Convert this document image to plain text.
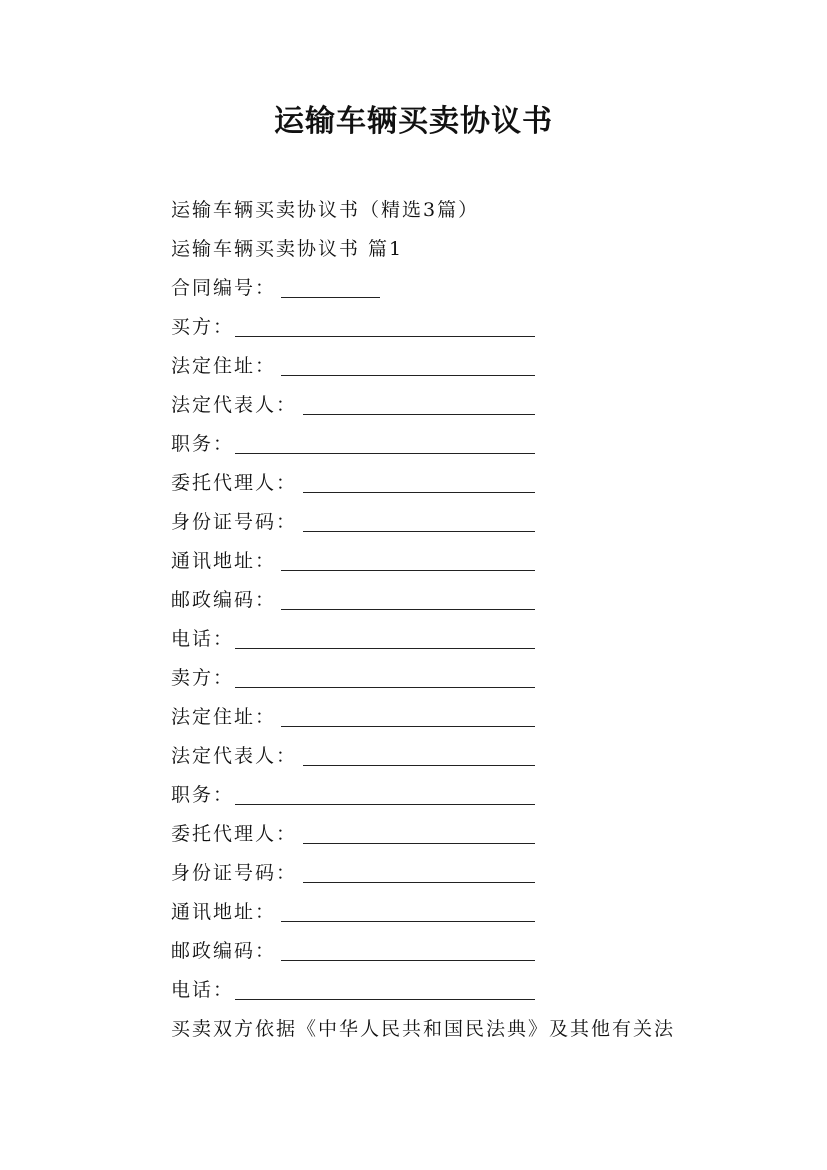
运输车辆买卖协议书
运输车辆买卖协议书（精选3篇）
运输车辆买卖协议书 篇1
合同编号：
买方：
法定住址：
法定代表人：
职务：
委托代理人：
身份证号码：
通讯地址：
邮政编码：
电话：
卖方：
法定住址：
法定代表人：
职务：
委托代理人：
身份证号码：
通讯地址：
邮政编码：
电话：
买卖双方依据《中华人民共和国民法典》及其他有关法
